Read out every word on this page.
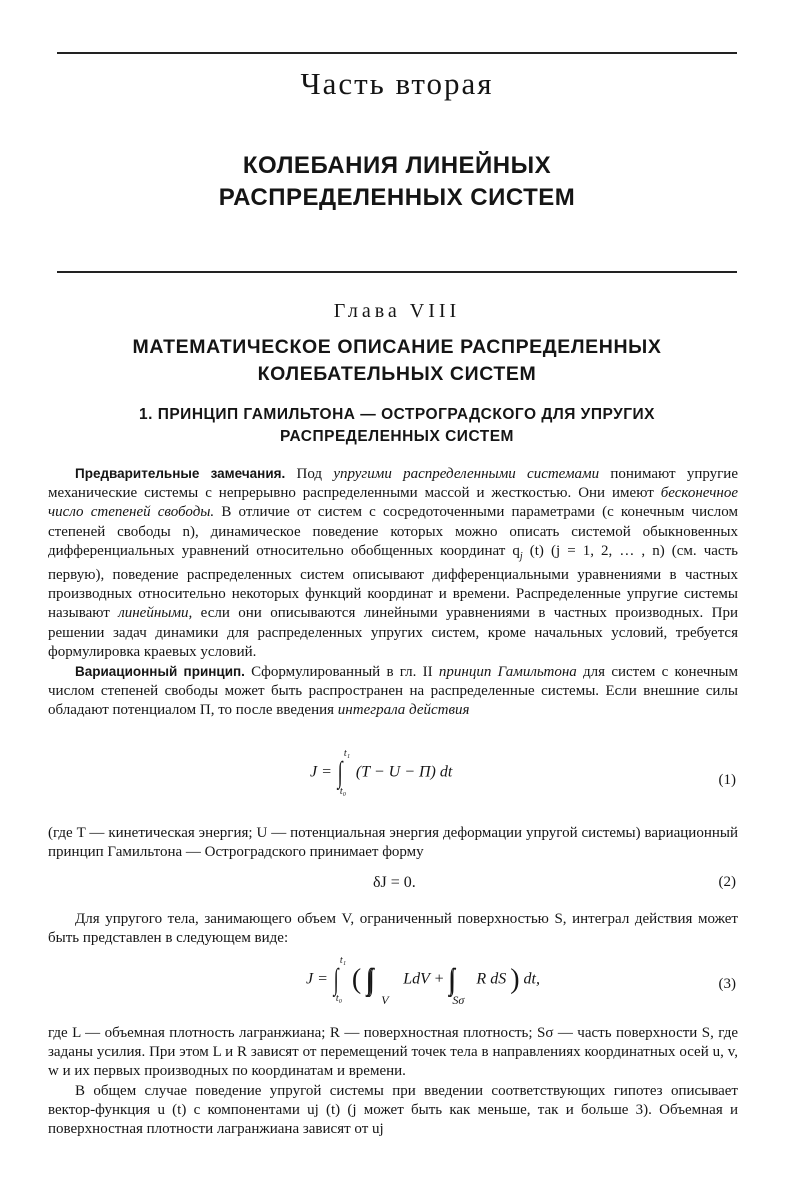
Часть вторая
КОЛЕБАНИЯ ЛИНЕЙНЫХ
РАСПРЕДЕЛЕННЫХ СИСТЕМ
Глава VIII
МАТЕМАТИЧЕСКОЕ ОПИСАНИЕ РАСПРЕДЕЛЕННЫХ
КОЛЕБАТЕЛЬНЫХ СИСТЕМ
1. ПРИНЦИП ГАМИЛЬТОНА — ОСТРОГРАДСКОГО ДЛЯ УПРУГИХ
РАСПРЕДЕЛЕННЫХ СИСТЕМ

Предварительные замечания. Под упругими распределенными системами понимают упругие механические системы с непрерывно распределенными массой и жесткостью. Они имеют бесконечное число степеней свободы. В отличие от систем с сосредоточенными параметрами (с конечным числом степеней свободы n), динамическое поведение которых можно описать системой обыкновенных дифференциальных уравнений относительно обобщенных координат $q_j$ (t) (j = 1, 2, … , n) (см. часть первую), поведение распределенных систем описывают дифференциальными уравнениями в частных производных относительно некоторых функций координат и времени. Распределенные упругие системы называют линейными, если они описываются линейными уравнениями в частных производных. При решении задач динамики для распределенных упругих систем, кроме начальных условий, требуется формулировка краевых условий.

Вариационный принцип. Сформулированный в гл. II принцип Гамильтона для систем с конечным числом степеней свободы может быть распространен на распределенные системы. Если внешние силы обладают потенциалом П, то после введения интеграла действия

J = ∫
t₁
t₀
(T − U − П) dt	(1)

(где T — кинетическая энергия; U — потенциальная энергия деформации упругой системы) вариационный принцип Гамильтона — Остроградского принимает форму

δJ = 0.	(2)

Для упругого тела, занимающего объем V, ограниченный поверхностью S, интеграл действия может быть представлен в следующем виде:

J = ∫
t₁
t₀
( ∫∫∫
V
LdV + ∫∫
Sσ
R dS ) dt,	(3)

где L — объемная плотность лагранжиана; R — поверхностная плотность; Sσ — часть поверхности S, где заданы усилия. При этом L и R зависят от перемещений точек тела в направлениях координатных осей u, v, w и их первых производных по координатам и времени.

В общем случае поведение упругой системы при введении соответствующих гипотез описывает вектор-функция u (t) с компонентами uj (t) (j может быть как меньше, так и больше 3). Объемная и поверхностная плотности лагранжиана зависят от uj
